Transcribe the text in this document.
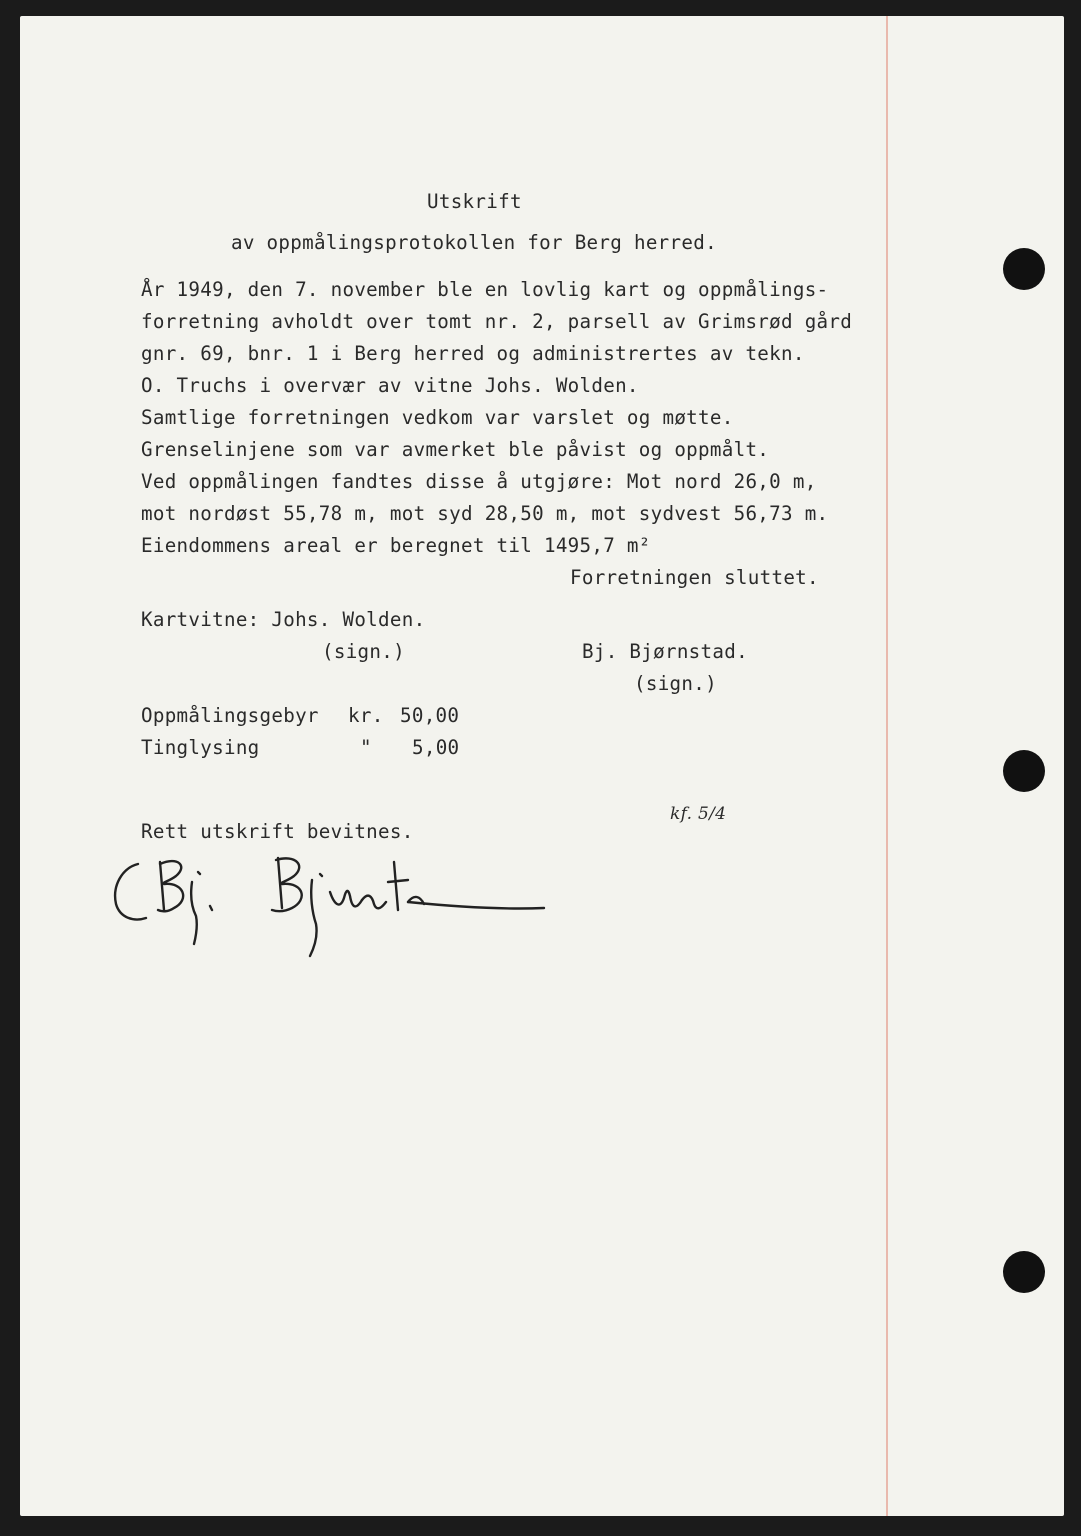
Utskrift
av oppmålingsprotokollen for Berg herred.
År 1949, den 7. november ble en lovlig kart og oppmålings-
forretning avholdt over tomt nr. 2, parsell av Grimsrød gård
gnr. 69, bnr. 1 i Berg herred og administrertes av tekn.
O. Truchs i overvær av vitne Johs. Wolden.
Samtlige forretningen vedkom var varslet og møtte.
Grenselinjene som var avmerket ble påvist og oppmålt.
Ved oppmålingen fandtes disse å utgjøre: Mot nord 26,0 m,
mot nordøst 55,78 m, mot syd 28,50 m, mot sydvest 56,73 m.
Eiendommens areal er beregnet til 1495,7 m²
Forretningen sluttet.
Kartvitne: Johs. Wolden.
(sign.)	Bj. Bjørnstad.
(sign.)
Oppmålingsgebyr kr. 50,00
Tinglysing	" 5,00
kf. 5/4
Rett utskrift bevitnes.
